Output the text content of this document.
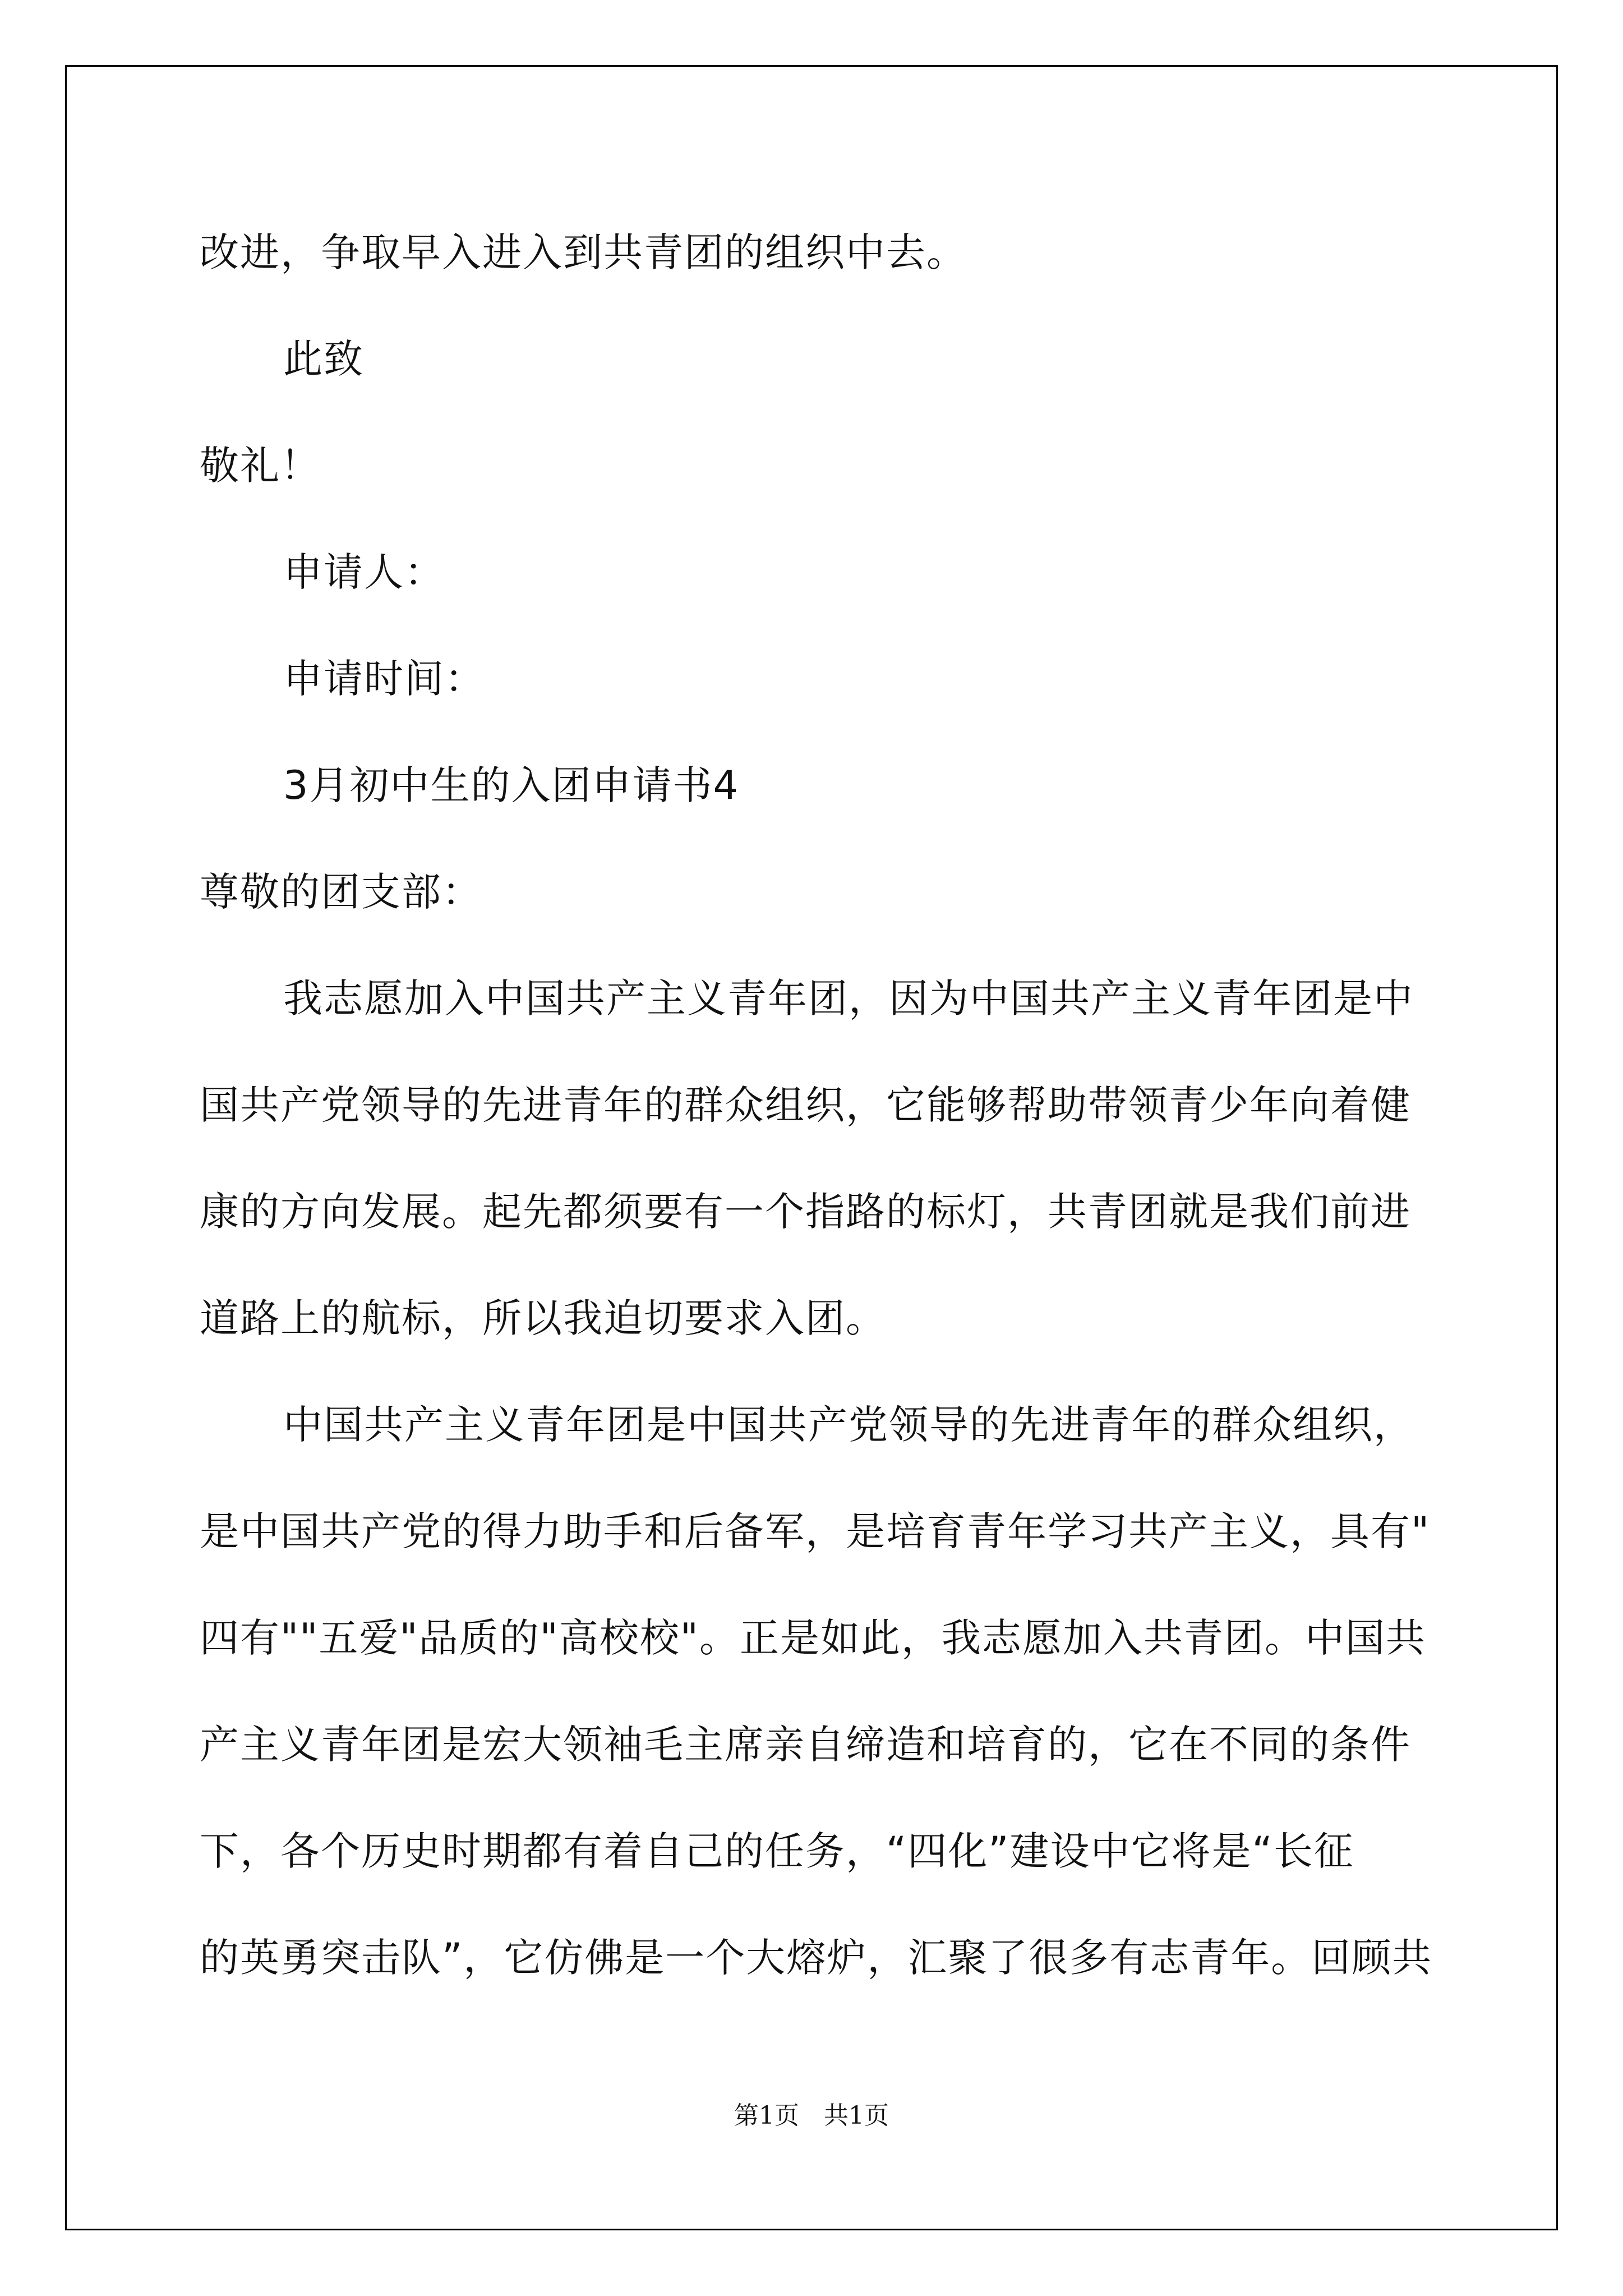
改进，争取早入进入到共青团的组织中去。
此致
敬礼！
申请人：
申请时间：
3月初中生的入团申请书4
尊敬的团支部：
我志愿加入中国共产主义青年团，因为中国共产主义青年团是中
国共产党领导的先进青年的群众组织，它能够帮助带领青少年向着健
康的方向发展。起先都须要有一个指路的标灯，共青团就是我们前进
道路上的航标，所以我迫切要求入团。
中国共产主义青年团是中国共产党领导的先进青年的群众组织，
是中国共产党的得力助手和后备军，是培育青年学习共产主义，具有"
四有""五爱"品质的"高校校"。正是如此，我志愿加入共青团。中国共
产主义青年团是宏大领袖毛主席亲自缔造和培育的，它在不同的条件
下，各个历史时期都有着自己的任务，“四化”建设中它将是“长征
的英勇突击队”，它仿佛是一个大熔炉，汇聚了很多有志青年。回顾共
第1页　共1页
